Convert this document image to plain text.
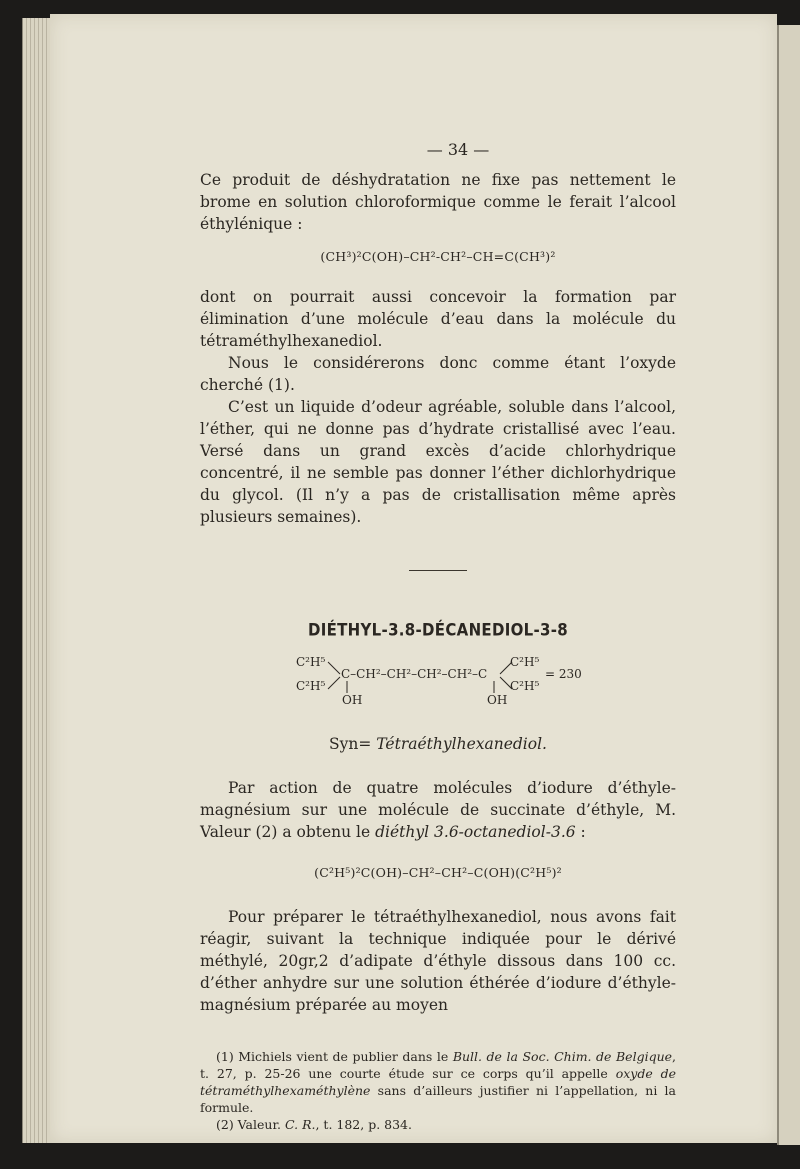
— 34 —

Ce produit de déshydratation ne fixe pas nettement le brome en solution chloroformique comme le ferait l’alcool éthylénique :

(CH³)²C(OH)–CH²-CH²–CH=C(CH³)²

dont on pourrait aussi concevoir la formation par élimination d’une molécule d’eau dans la molécule du tétraméthylhexanediol.

Nous le considérerons donc comme étant l’oxyde cherché (1).

C’est un liquide d’odeur agréable, soluble dans l’alcool, l’éther, qui ne donne pas d’hydrate cristallisé avec l’eau. Versé dans un grand excès d’acide chlorhydrique concentré, il ne semble pas donner l’éther dichlorhydrique du glycol. (Il n’y a pas de cristallisation même après plusieurs semaines).

DIÉTHYL-3.8-DÉCANEDIOL-3-8

C²H⁵
C²H⁵
C–CH²–CH²–CH²–CH²–C
C²H⁵
C²H⁵
= 230
OH	OH

Syn= Tétraéthylhexanediol.

Par action de quatre molécules d’iodure d’éthyle-magnésium sur une molécule de succinate d’éthyle, M. Valeur (2) a obtenu le diéthyl 3.6-octanediol-3.6 :

(C²H⁵)²C(OH)–CH²–CH²–C(OH)(C²H⁵)²

Pour préparer le tétraéthylhexanediol, nous avons fait réagir, suivant la technique indiquée pour le dérivé méthylé, 20gr,2 d’adipate d’éthyle dissous dans 100 cc. d’éther anhydre sur une solution éthérée d’iodure d’éthyle-magnésium préparée au moyen

(1) Michiels vient de publier dans le Bull. de la Soc. Chim. de Belgique, t. 27, p. 25-26 une courte étude sur ce corps qu’il appelle oxyde de tétraméthylhexaméthylène sans d’ailleurs justifier ni l’appellation, ni la formule.

(2) Valeur. C. R., t. 182, p. 834.
